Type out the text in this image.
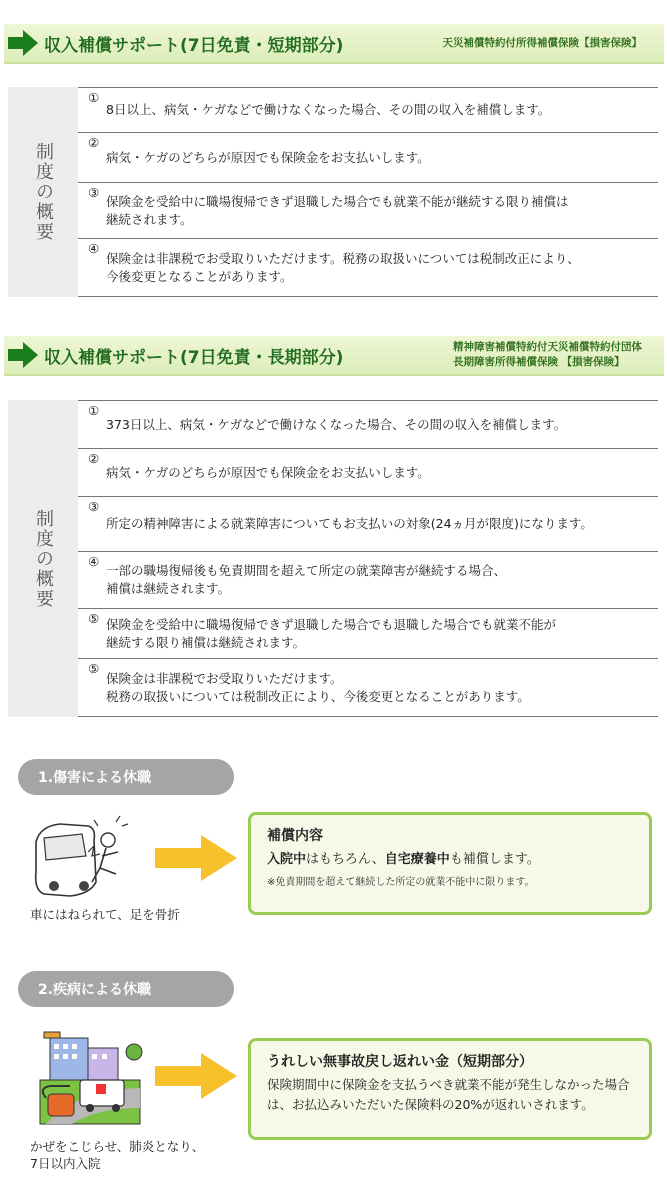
収入補償サポート(7日免責・短期部分)	天災補償特約付所得補償保険【損害保険】
制度の概要
①
8日以上、病気・ケガなどで働けなくなった場合、その間の収入を補償します。
②
病気・ケガのどちらが原因でも保険金をお支払いします。
③
保険金を受給中に職場復帰できず退職した場合でも就業不能が継続する限り補償は
継続されます。
④
保険金は非課税でお受取りいただけます。税務の取扱いについては税制改正により、
今後変更となることがあります。
収入補償サポート(7日免責・長期部分)
精神障害補償特約付天災補償特約付団体
長期障害所得補償保険 【損害保険】
制度の概要
①
373日以上、病気・ケガなどで働けなくなった場合、その間の収入を補償します。
②
病気・ケガのどちらが原因でも保険金をお支払いします。
③
所定の精神障害による就業障害についてもお支払いの対象(24ヵ月が限度)になります。
④
一部の職場復帰後も免責期間を超えて所定の就業障害が継続する場合、
補償は継続されます。
⑤ 保険金を受給中に職場復帰できず退職した場合でも退職した場合でも就業不能が
継続する限り補償は継続されます。
⑤
保険金は非課税でお受取りいただけます。
税務の取扱いについては税制改正により、今後変更となることがあります。
1.傷害による休職
車にはねられて、足を骨折
補償内容
入院中はもちろん、自宅療養中も補償します。
※免責期間を超えて継続した所定の就業不能中に限ります。
2.疾病による休職
かぜをこじらせ、肺炎となり、
7日以内入院
うれしい無事故戻し返れい金（短期部分）
保険期間中に保険金を支払うべき就業不能が発生しなかった場合は、お払込みいただいた保険料の20%が返れいされます。
